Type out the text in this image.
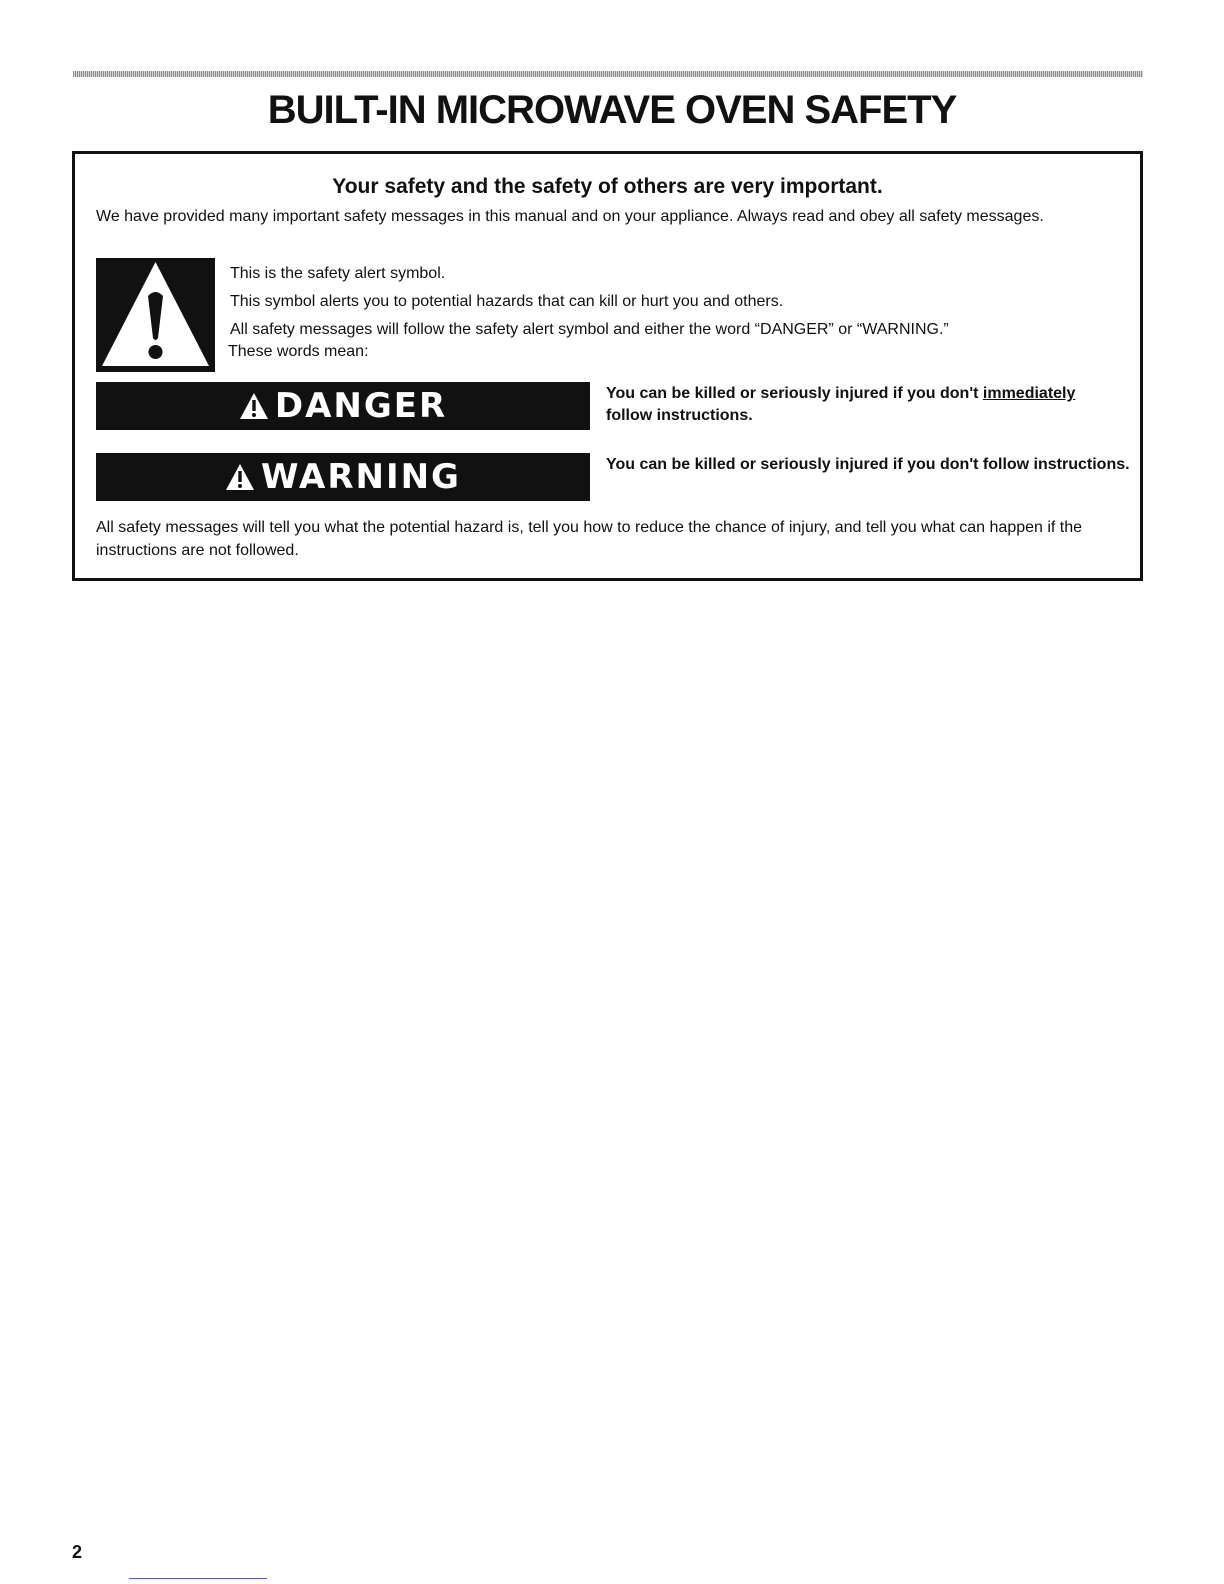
BUILT-IN MICROWAVE OVEN SAFETY
Your safety and the safety of others are very important.

We have provided many important safety messages in this manual and on your appliance. Always read and obey all safety messages.

This is the safety alert symbol.

This symbol alerts you to potential hazards that can kill or hurt you and others.

All safety messages will follow the safety alert symbol and either the word “DANGER” or “WARNING.”

These words mean:

DANGER	You can be killed or seriously injured if you don't immediately
follow instructions.

WARNING	You can be killed or seriously injured if you don't follow instructions.

All safety messages will tell you what the potential hazard is, tell you how to reduce the chance of injury, and tell you what can happen if the instructions are not followed.

2
